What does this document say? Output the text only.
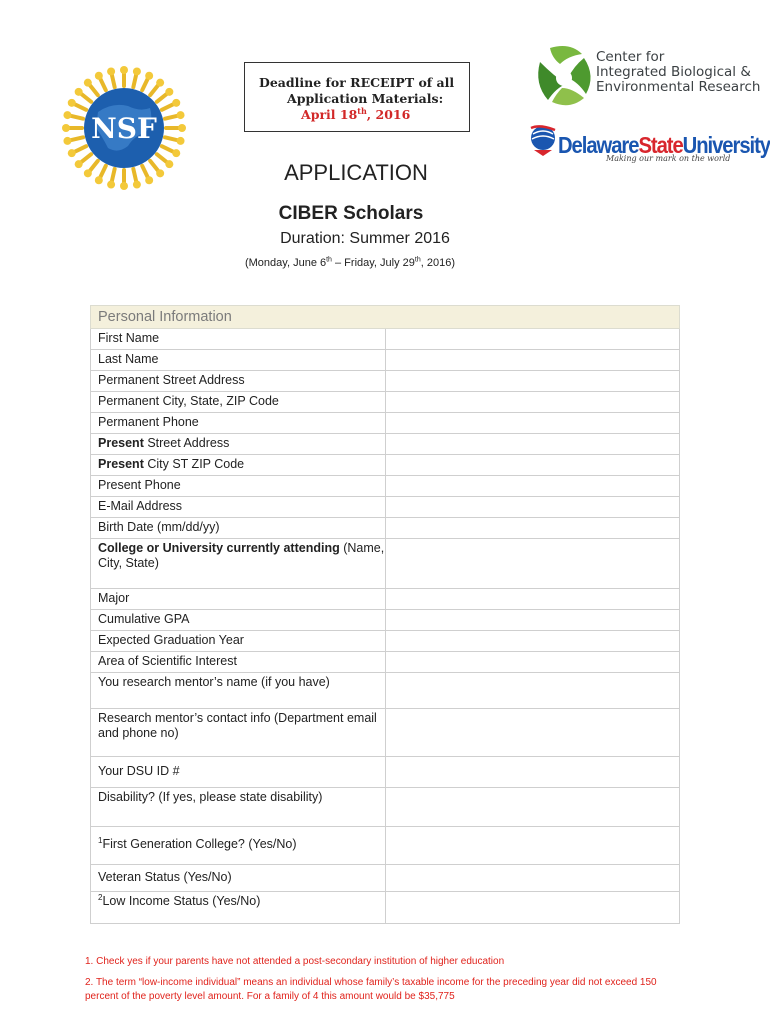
NSF
Deadline for RECEIPT of all
Application Materials:
April 18th, 2016
Center for
Integrated Biological &
Environmental Research
DelawareStateUniversity
Making our mark on the world
APPLICATION
CIBER Scholars
Duration: Summer 2016
(Monday, June 6th – Friday, July 29th, 2016)
Personal Information	
First Name	
Last Name	
Permanent Street Address	
Permanent City, State, ZIP Code	
Permanent Phone	
Present Street Address	
Present City ST ZIP Code	
Present Phone	
E-Mail Address	
Birth Date (mm/dd/yy)	
College or University currently attending (Name, City, State)	
Major	
Cumulative GPA	
Expected Graduation Year	
Area of Scientific Interest	
You research mentor’s name (if you have)	
Research mentor’s contact info (Department email and phone no)	
Your DSU ID #	
Disability? (If yes, please state disability)	
$^1$First Generation College? (Yes/No)	
Veteran Status (Yes/No)	
$^2$Low Income Status (Yes/No)	
1. Check yes if your parents have not attended a post-secondary institution of higher education
2. The term “low-income individual” means an individual whose family’s taxable income for the preceding year did not exceed 150 percent of the poverty level amount. For a family of 4 this amount would be $35,775
